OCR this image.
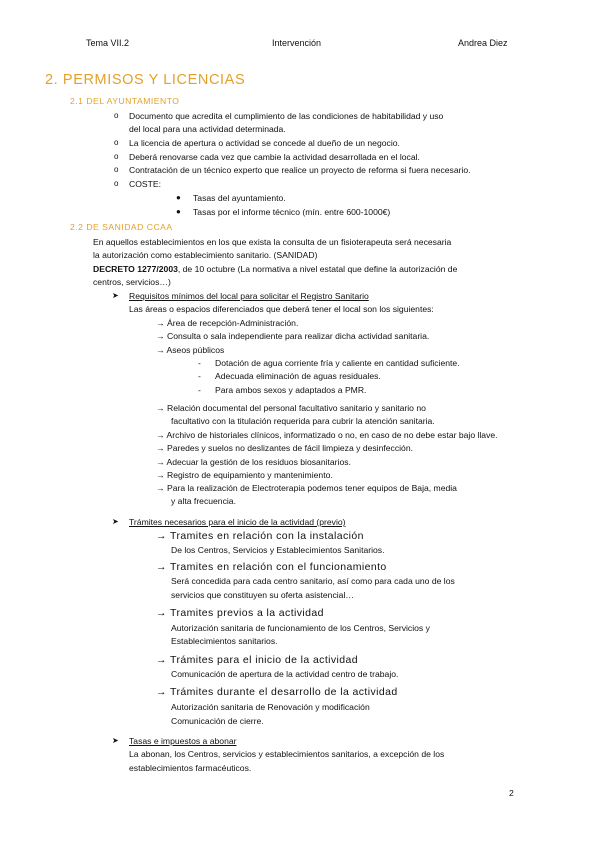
Tema VII.2	Intervención	Andrea Diez
2. PERMISOS Y LICENCIAS
2.1 DEL AYUNTAMIENTO
o Documento que acredita el cumplimiento de las condiciones de habitabilidad y uso
del local para una actividad determinada.
o La licencia de apertura o actividad se concede al dueño de un negocio.
o Deberá renovarse cada vez que cambie la actividad desarrollada en el local.
o Contratación de un técnico experto que realice un proyecto de reforma si fuera necesario.
o COSTE:
● Tasas del ayuntamiento.
● Tasas por el informe técnico (mín. entre 600-1000€)
2.2 DE SANIDAD CCAA
En aquellos establecimientos en los que exista la consulta de un fisioterapeuta será necesaria
la autorización como establecimiento sanitario. (SANIDAD)
DECRETO 1277/2003, de 10 octubre (La normativa a nivel estatal que define la autorización de
centros, servicios…)
➤ Requisitos mínimos del local para solicitar el Registro Sanitario
Las áreas o espacios diferenciados que deberá tener el local son los siguientes:
→ Área de recepción-Administración.
→ Consulta o sala independiente para realizar dicha actividad sanitaria.
→ Aseos públicos
- Dotación de agua corriente fría y caliente en cantidad suficiente.
- Adecuada eliminación de aguas residuales.
- Para ambos sexos y adaptados a PMR.
→ Relación documental del personal facultativo sanitario y sanitario no
facultativo con la titulación requerida para cubrir la atención sanitaria.
→ Archivo de historiales clínicos, informatizado o no, en caso de no debe estar bajo llave.
→ Paredes y suelos no deslizantes de fácil limpieza y desinfección.
→ Adecuar la gestión de los residuos biosanitarios.
→ Registro de equipamiento y mantenimiento.
→ Para la realización de Electroterapia podemos tener equipos de Baja, media
y alta frecuencia.
➤ Trámites necesarios para el inicio de la actividad (previo)
→ Tramites en relación con la instalación
De los Centros, Servicios y Establecimientos Sanitarios.
→ Tramites en relación con el funcionamiento
Será concedida para cada centro sanitario, así como para cada uno de los
servicios que constituyen su oferta asistencial…
→ Tramites previos a la actividad
Autorización sanitaria de funcionamiento de los Centros, Servicios y
Establecimientos sanitarios.
→ Trámites para el inicio de la actividad
Comunicación de apertura de la actividad centro de trabajo.
→ Trámites durante el desarrollo de la actividad
Autorización sanitaria de Renovación y modificación
Comunicación de cierre.
➤ Tasas e impuestos a abonar
La abonan, los Centros, servicios y establecimientos sanitarios, a excepción de los
establecimientos farmacéuticos.
2
